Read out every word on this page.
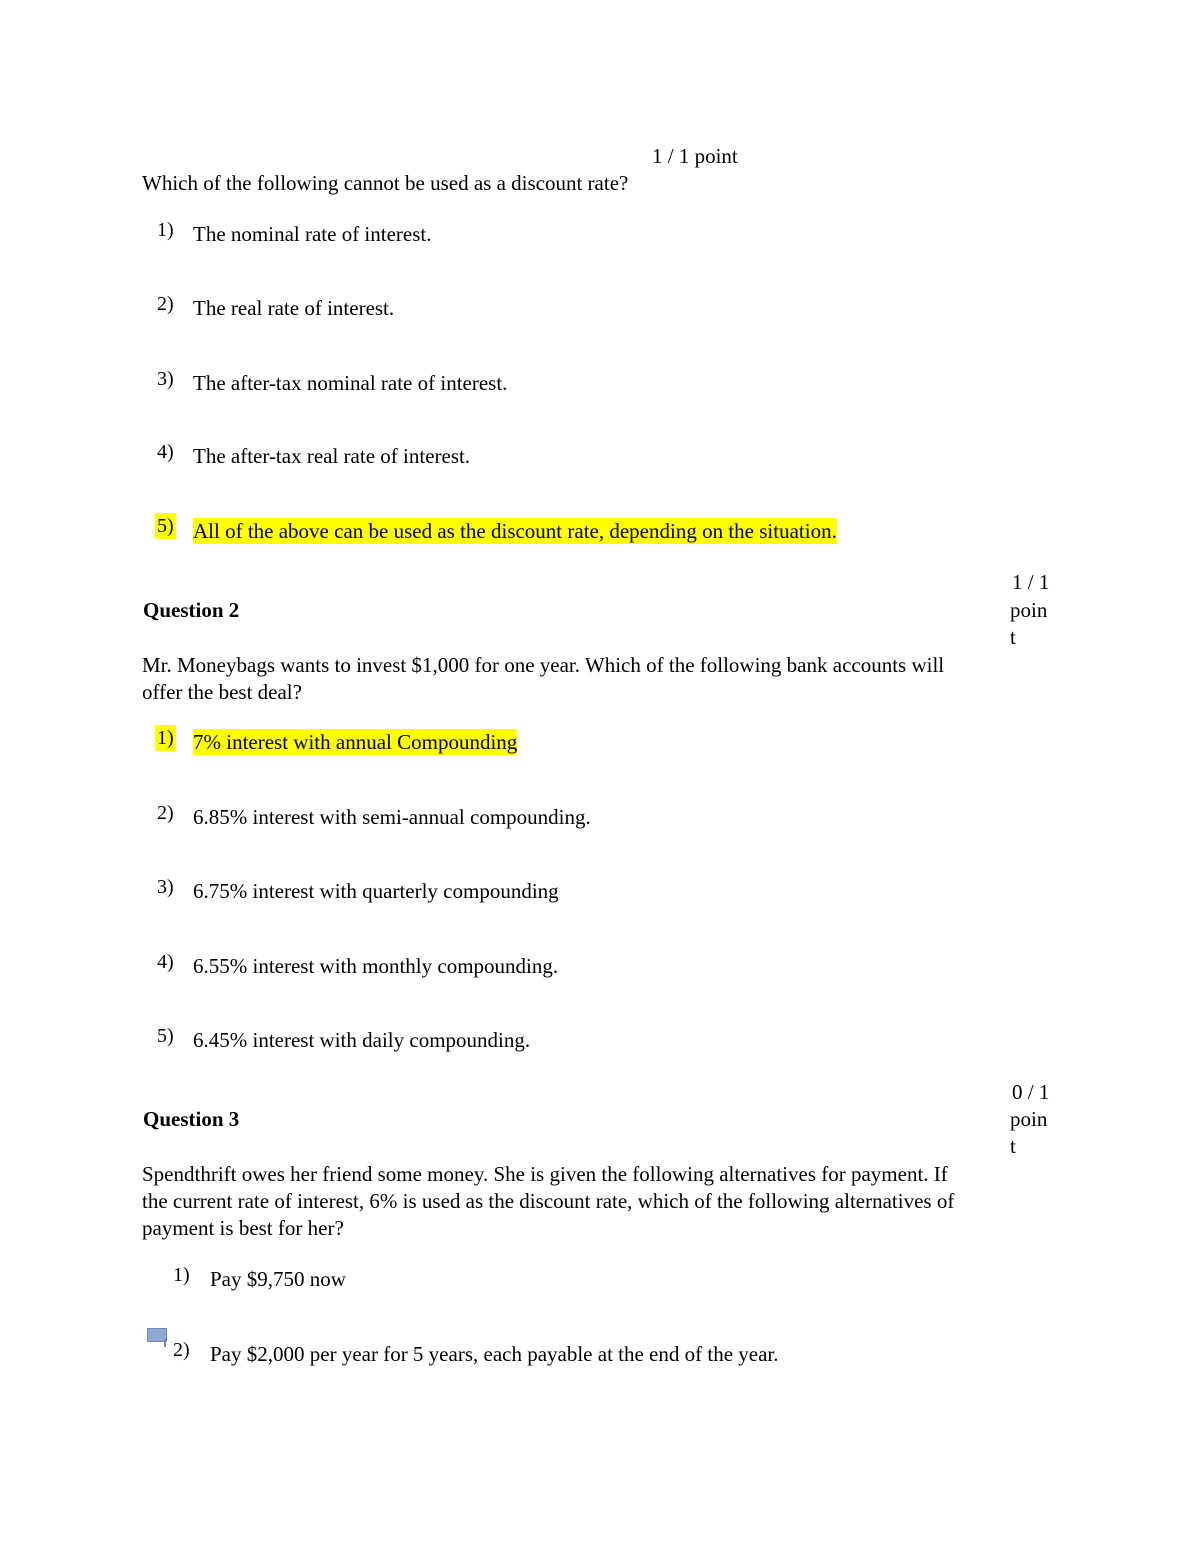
1 / 1 point
Which of the following cannot be used as a discount rate?
1) The nominal rate of interest.
2) The real rate of interest.
3) The after-tax nominal rate of interest.
4) The after-tax real rate of interest.
5) All of the above can be used as the discount rate, depending on the situation.
Question 2
1 / 1
poin
t
Mr. Moneybags wants to invest $1,000 for one year. Which of the following bank accounts will
offer the best deal?
1) 7% interest with annual Compounding
2) 6.85% interest with semi-annual compounding.
3) 6.75% interest with quarterly compounding
4) 6.55% interest with monthly compounding.
5) 6.45% interest with daily compounding.
Question 3
0 / 1
poin
t
Spendthrift owes her friend some money. She is given the following alternatives for payment. If
the current rate of interest, 6% is used as the discount rate, which of the following alternatives of
payment is best for her?
1) Pay $9,750 now
2) Pay $2,000 per year for 5 years, each payable at the end of the year.
